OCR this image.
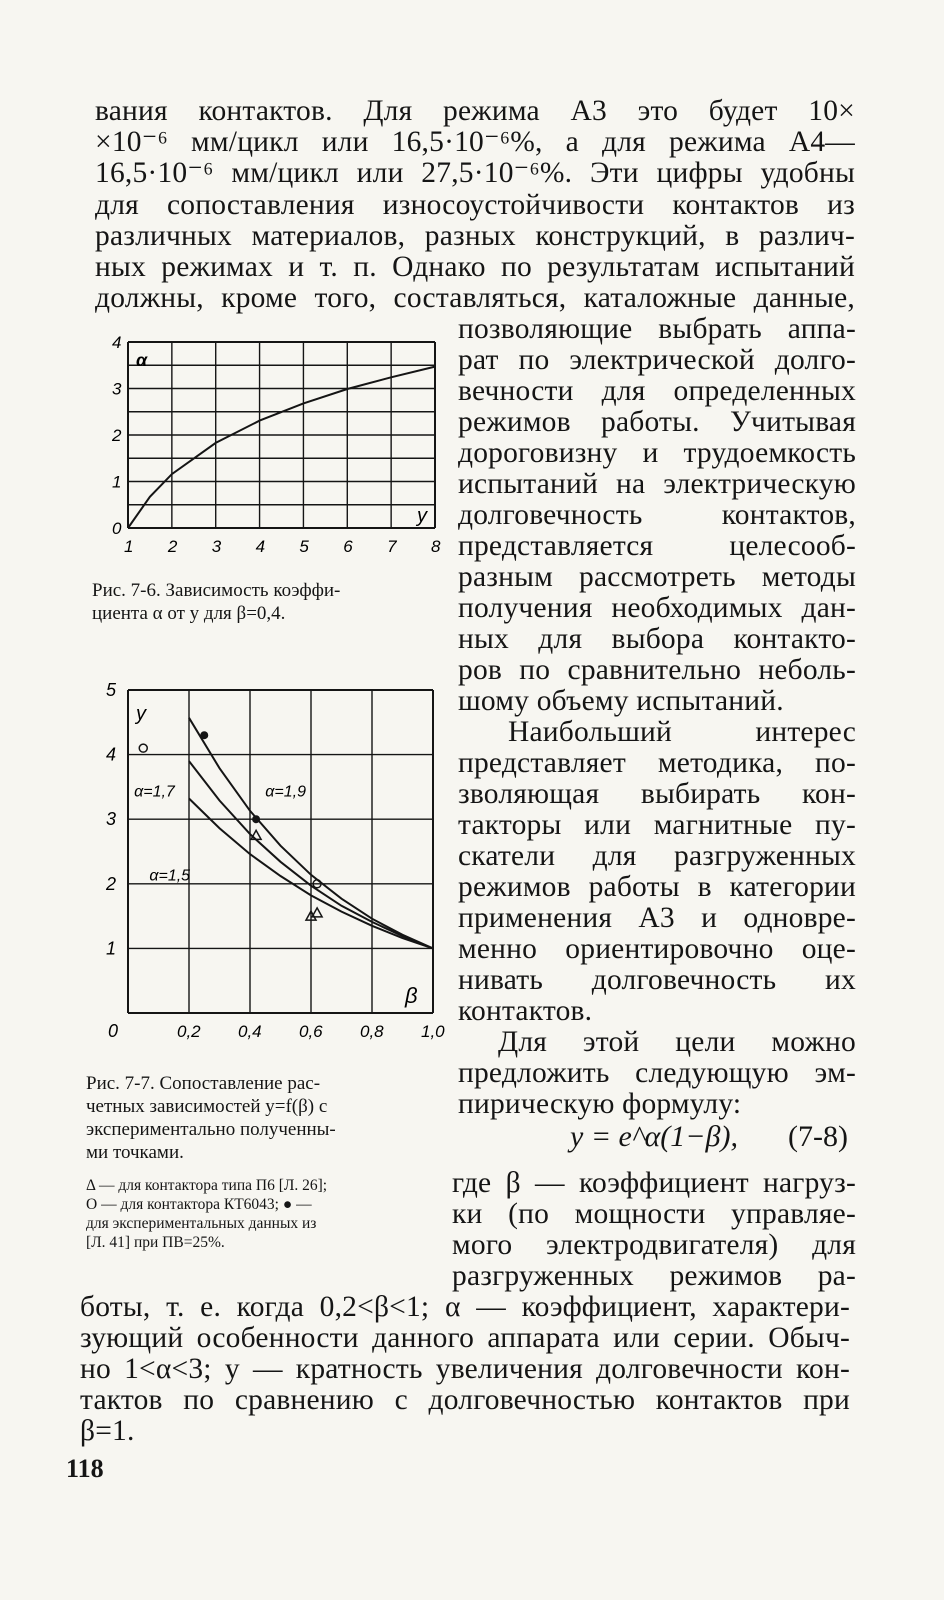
вания контактов. Для режима А3 это будет 10×
×10⁻⁶ мм/цикл или 16,5·10⁻⁶%, а для режима А4—
16,5·10⁻⁶ мм/цикл или 27,5·10⁻⁶%. Эти цифры удобны
для сопоставления износоустойчивости контактов из
различных материалов, разных конструкций, в различ-
ных режимах и т. п. Однако по результатам испытаний
должны, кроме того, составляться, каталожные данные,
позволяющие выбрать аппа-
рат по электрической долго-
вечности для определенных
режимов работы. Учитывая
дороговизну и трудоемкость
испытаний на электрическую
долговечность контактов,
представляется целесооб-
разным рассмотреть методы
получения необходимых дан-
ных для выбора контакто-
ров по сравнительно неболь-
шому объему испытаний.
Наибольший интерес
представляет методика, по-
зволяющая выбирать кон-
такторы или магнитные пу-
скатели для разгруженных
режимов работы в категории
применения А3 и одновре-
менно ориентировочно оце-
нивать долговечность их
контактов.
Для этой цели можно
предложить следующую эм-
пирическую формулу:
y = e^α(1−β), (7-8)
где β — коэффициент нагруз-
ки (по мощности управляе-
мого электродвигателя) для
разгруженных режимов ра-
боты, т. е. когда 0,2<β<1; α — коэффициент, характери-
зующий особенности данного аппарата или серии. Обыч-
но 1<α<3; y — кратность увеличения долговечности кон-
тактов по сравнению с долговечностью контактов при
β=1.
118
0
1
2
3
4
1 2 3 4 5 6 7 8
α
y
Рис. 7-6. Зависимость коэффи-
циента α от y для β=0,4.
0
1
2
3
4
5
0,2 0,4 0,6 0,8 1,0
y
β
α=1,7	α=1,9
α=1,5
Рис. 7-7. Сопоставление рас-
четных зависимостей y=f(β) с
экспериментально полученны-
ми точками.
Δ — для контактора типа П6 [Л. 26];
О — для контактора КТ6043; ● —
для экспериментальных данных из
[Л. 41] при ПВ=25%.
